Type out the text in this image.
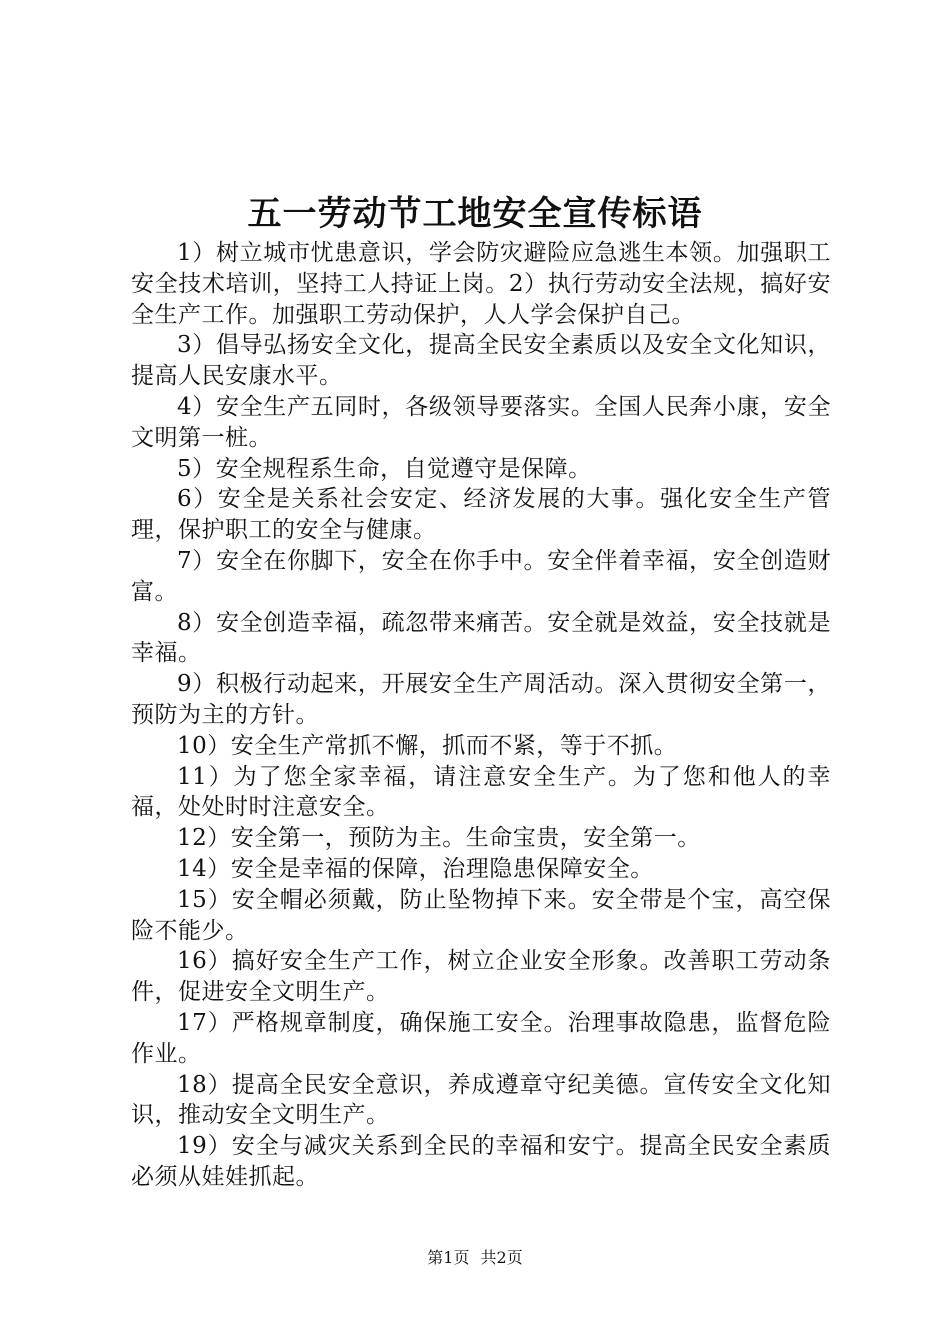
五一劳动节工地安全宣传标语

1）树立城市忧患意识，学会防灾避险应急逃生本领。加强职工安全技术培训，坚持工人持证上岗。2）执行劳动安全法规，搞好安全生产工作。加强职工劳动保护，人人学会保护自己。

3）倡导弘扬安全文化，提高全民安全素质以及安全文化知识，提高人民安康水平。

4）安全生产五同时，各级领导要落实。全国人民奔小康，安全文明第一桩。

5）安全规程系生命，自觉遵守是保障。

6）安全是关系社会安定、经济发展的大事。强化安全生产管理，保护职工的安全与健康。

7）安全在你脚下，安全在你手中。安全伴着幸福，安全创造财富。

8）安全创造幸福，疏忽带来痛苦。安全就是效益，安全技就是幸福。

9）积极行动起来，开展安全生产周活动。深入贯彻安全第一，预防为主的方针。

10）安全生产常抓不懈，抓而不紧，等于不抓。

11）为了您全家幸福，请注意安全生产。为了您和他人的幸福，处处时时注意安全。

12）安全第一，预防为主。生命宝贵，安全第一。

14）安全是幸福的保障，治理隐患保障安全。

15）安全帽必须戴，防止坠物掉下来。安全带是个宝，高空保险不能少。

16）搞好安全生产工作，树立企业安全形象。改善职工劳动条件，促进安全文明生产。

17）严格规章制度，确保施工安全。治理事故隐患，监督危险作业。

18）提高全民安全意识，养成遵章守纪美德。宣传安全文化知识，推动安全文明生产。

19）安全与减灾关系到全民的幸福和安宁。提高全民安全素质必须从娃娃抓起。

第1页 共2页
